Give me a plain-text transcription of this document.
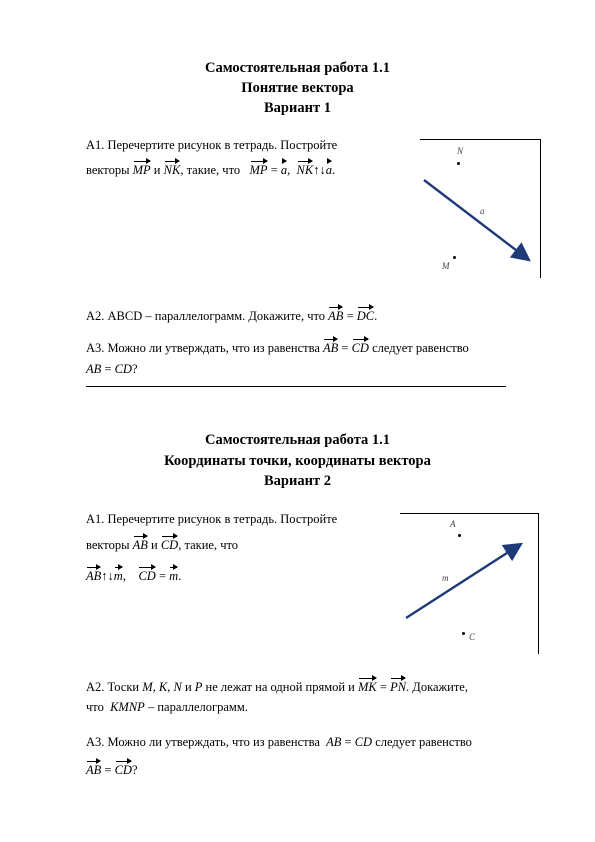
Самостоятельная работа 1.1
Понятие вектора
Вариант 1
А1. Перечертите рисунок в тетрадь. Постройте
векторы MP и NK, такие, что MP = a,  NK↑↓a.
N
M
a
А2. ABCD – параллелограмм. Докажите, что AB = DC.
А3. Можно ли утверждать, что из равенства AB = CD следует равенство
AB = CD?
Самостоятельная работа 1.1
Координаты точки, координаты вектора
Вариант 2
А1. Перечертите рисунок в тетрадь. Постройте
векторы AB и CD, такие, что
AB↑↓m,    CD = m.
A
C
m
А2. Тоски M, K, N и P не лежат на одной прямой и MK = PN. Докажите,
что KMNP – параллелограмм.
А3. Можно ли утверждать, что из равенства AB = CD следует равенство
AB = CD?
